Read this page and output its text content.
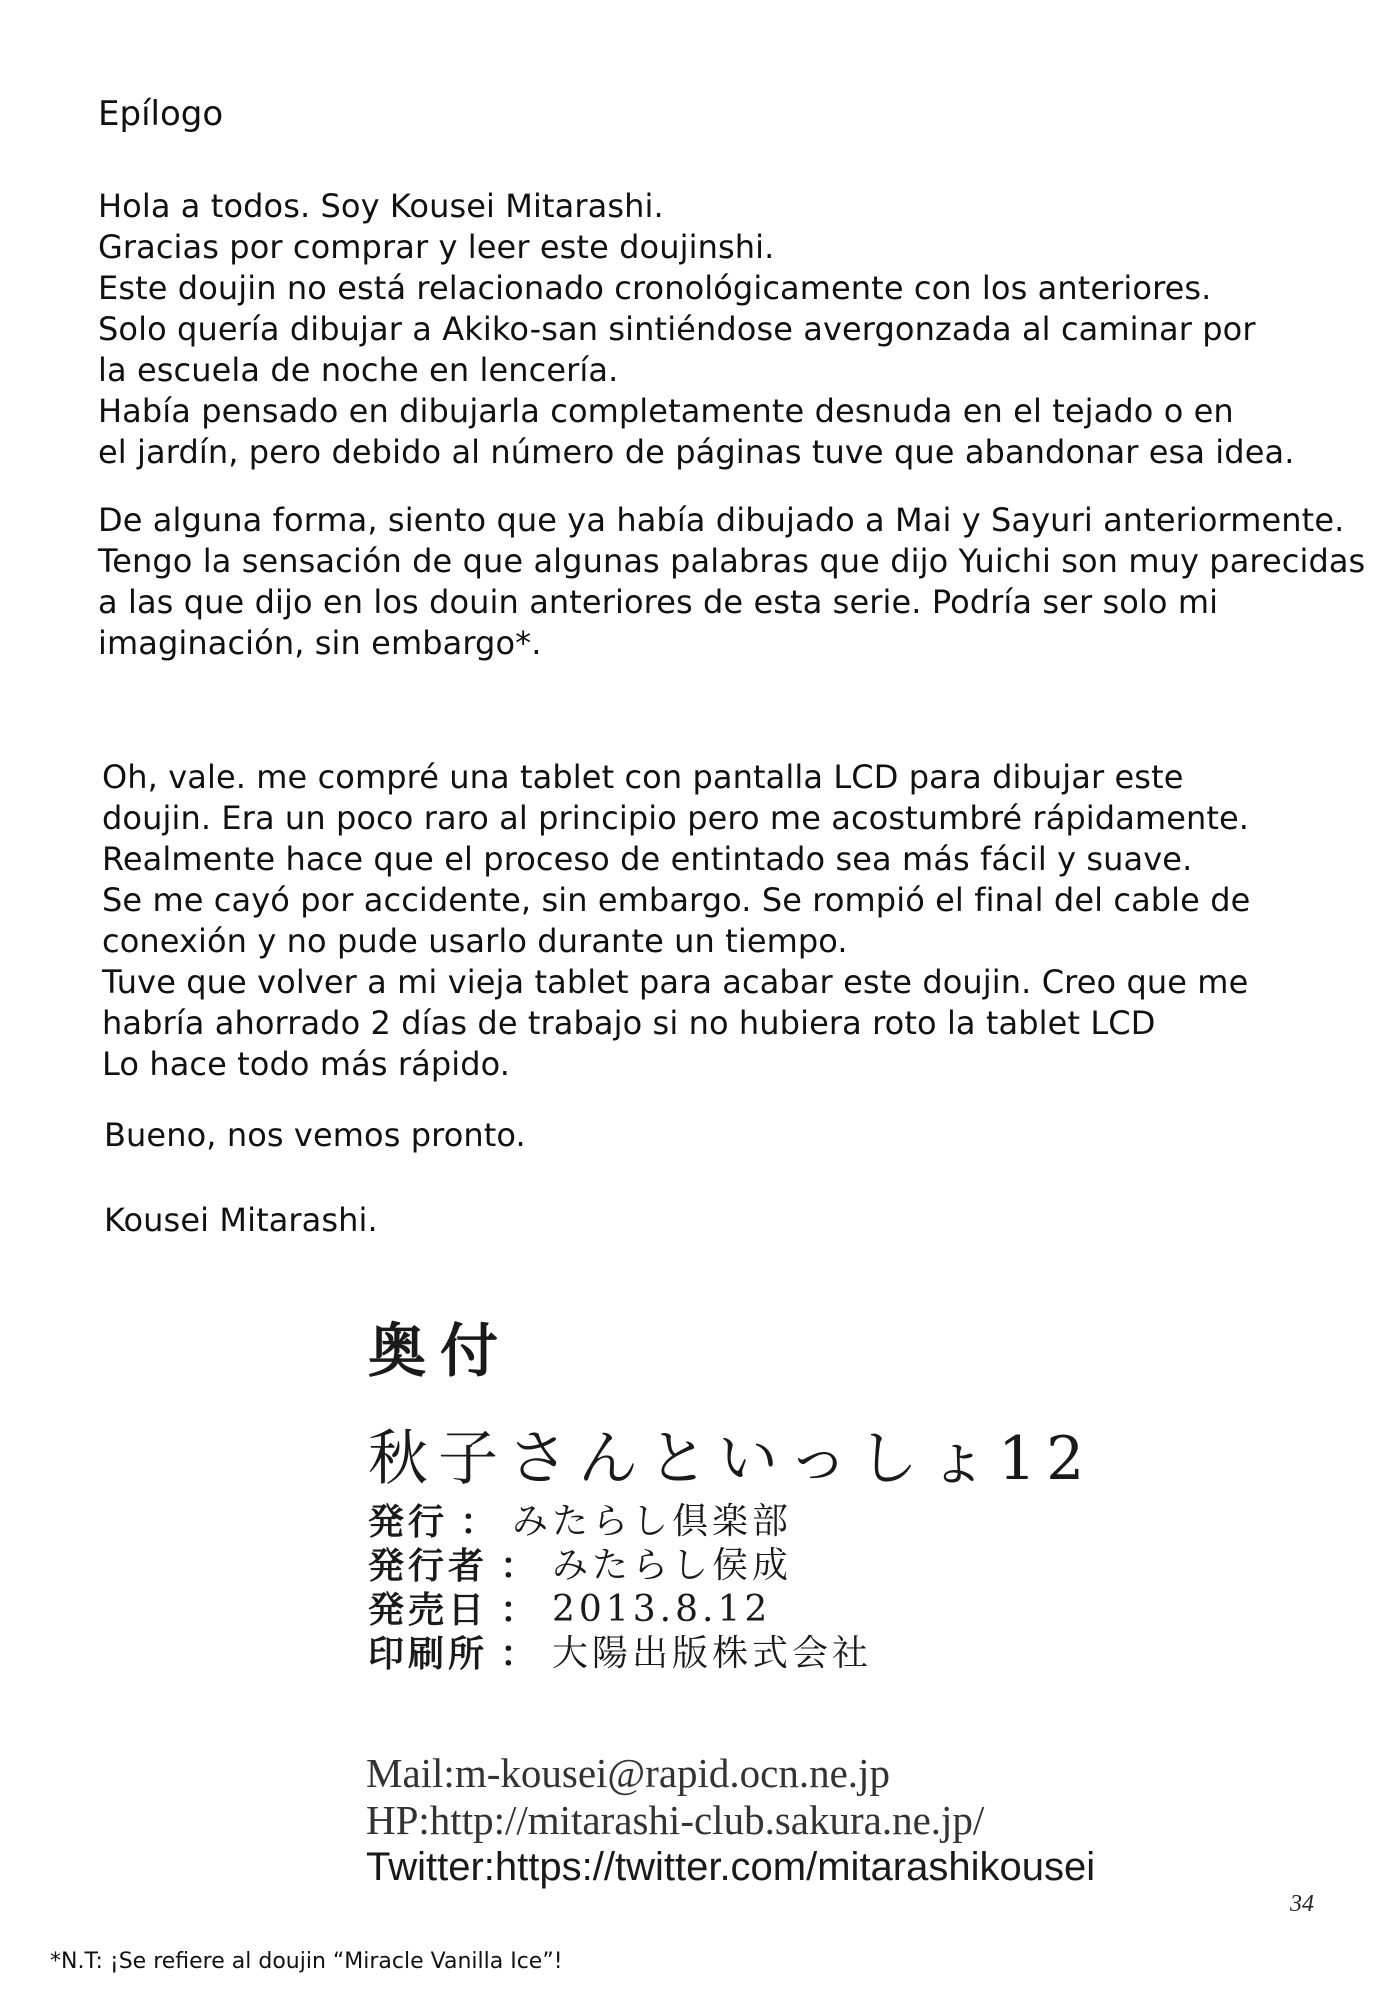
Epílogo

Hola a todos. Soy Kousei Mitarashi.
Gracias por comprar y leer este doujinshi.
Este doujin no está relacionado cronológicamente con los anteriores.
Solo quería dibujar a Akiko-san sintiéndose avergonzada al caminar por
la escuela de noche en lencería.
Había pensado en dibujarla completamente desnuda en el tejado o en
el jardín, pero debido al número de páginas tuve que abandonar esa idea.

De alguna forma, siento que ya había dibujado a Mai y Sayuri anteriormente.
Tengo la sensación de que algunas palabras que dijo Yuichi son muy parecidas
a las que dijo en los douin anteriores de esta serie. Podría ser solo mi
imaginación, sin embargo*.

Oh, vale. me compré una tablet con pantalla LCD para dibujar este
doujin. Era un poco raro al principio pero me acostumbré rápidamente.
Realmente hace que el proceso de entintado sea más fácil y suave.
Se me cayó por accidente, sin embargo. Se rompió el final del cable de
conexión y no pude usarlo durante un tiempo.
Tuve que volver a mi vieja tablet para acabar este doujin. Creo que me
habría ahorrado 2 días de trabajo si no hubiera roto la tablet LCD
Lo hace todo más rápido.

Bueno, nos vemos pronto.

Kousei Mitarashi.

奥付
秋子さんといっしょ12
発行 ： みたらし倶楽部
発行者 ： みたらし侯成
発売日 ： 2013.8.12
印刷所 ： 大陽出版株式会社
Mail:m-kousei@rapid.ocn.ne.jp
HP:http://mitarashi-club.sakura.ne.jp/
Twitter:https://twitter.com/mitarashikousei
34
*N.T: ¡Se refiere al doujin “Miracle Vanilla Ice”!
